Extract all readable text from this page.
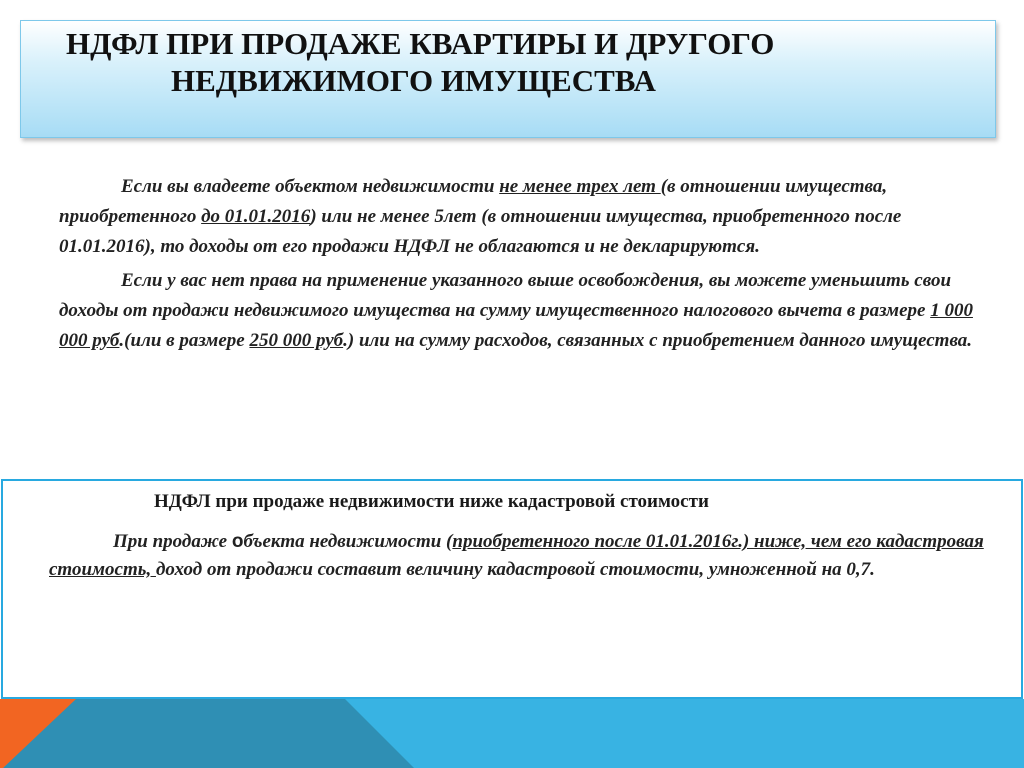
НДФЛ ПРИ ПРОДАЖЕ КВАРТИРЫ И ДРУГОГО
НЕДВИЖИМОГО ИМУЩЕСТВА

Если вы владеете объектом недвижимости не менее трех лет (в отношении имущества, приобретенного до 01.01.2016) или не менее 5лет (в отношении имущества, приобретенного после 01.01.2016), то доходы от его продажи НДФЛ не облагаются и не декларируются.

Если у вас нет права на применение указанного выше освобождения, вы можете уменьшить свои доходы от продажи недвижимого имущества на сумму имущественного налогового вычета в размере 1 000 000 руб.(или в размере 250 000 руб.) или на сумму расходов, связанных с приобретением данного имущества.

НДФЛ при продаже недвижимости ниже кадастровой стоимости

При продаже объекта недвижимости (приобретенного после 01.01.2016г.) ниже, чем его кадастровая стоимость, доход от продажи составит величину кадастровой стоимости, умноженной на 0,7.
